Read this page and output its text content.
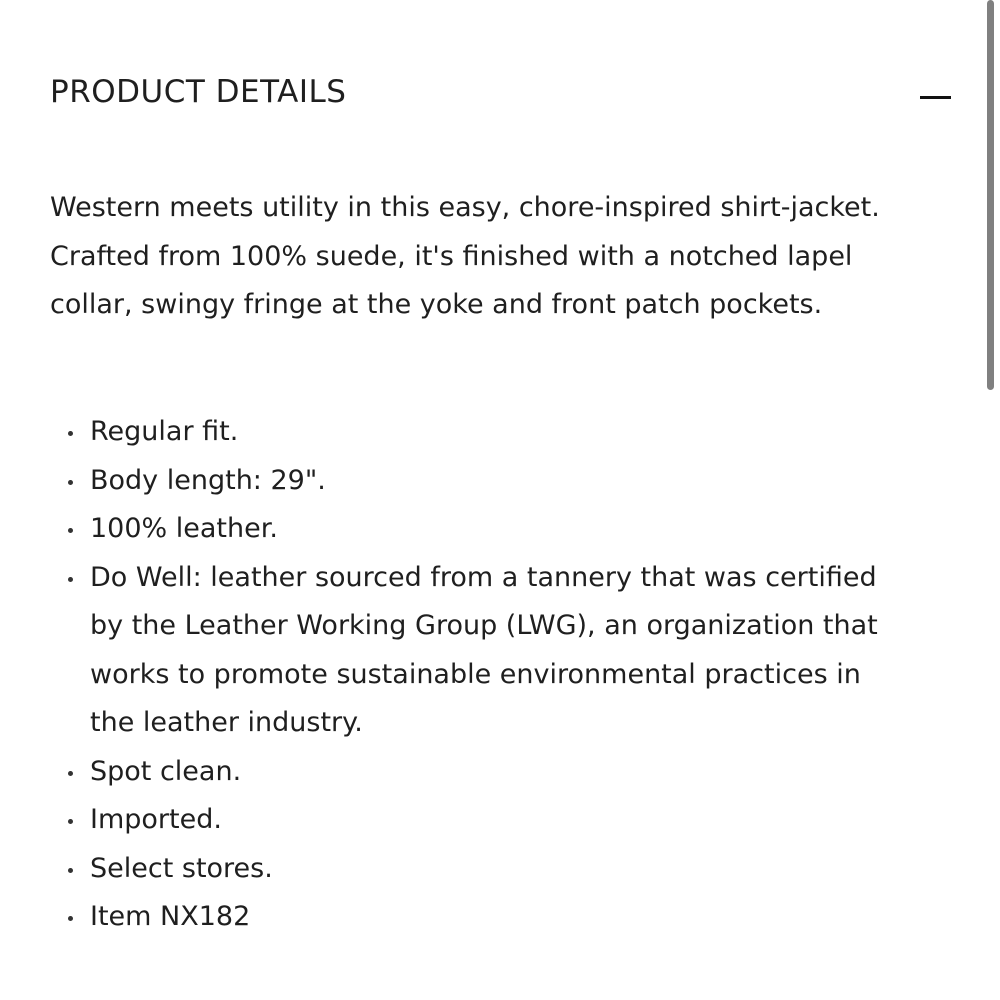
PRODUCT DETAILS

Western meets utility in this easy, chore-inspired shirt-jacket. Crafted from 100% suede, it's finished with a notched lapel collar, swingy fringe at the yoke and front patch pockets.

Regular fit.
Body length: 29".
100% leather.
Do Well: leather sourced from a tannery that was certified by the Leather Working Group (LWG), an organization that works to promote sustainable environmental practices in the leather industry.
Spot clean.
Imported.
Select stores.
Item NX182
